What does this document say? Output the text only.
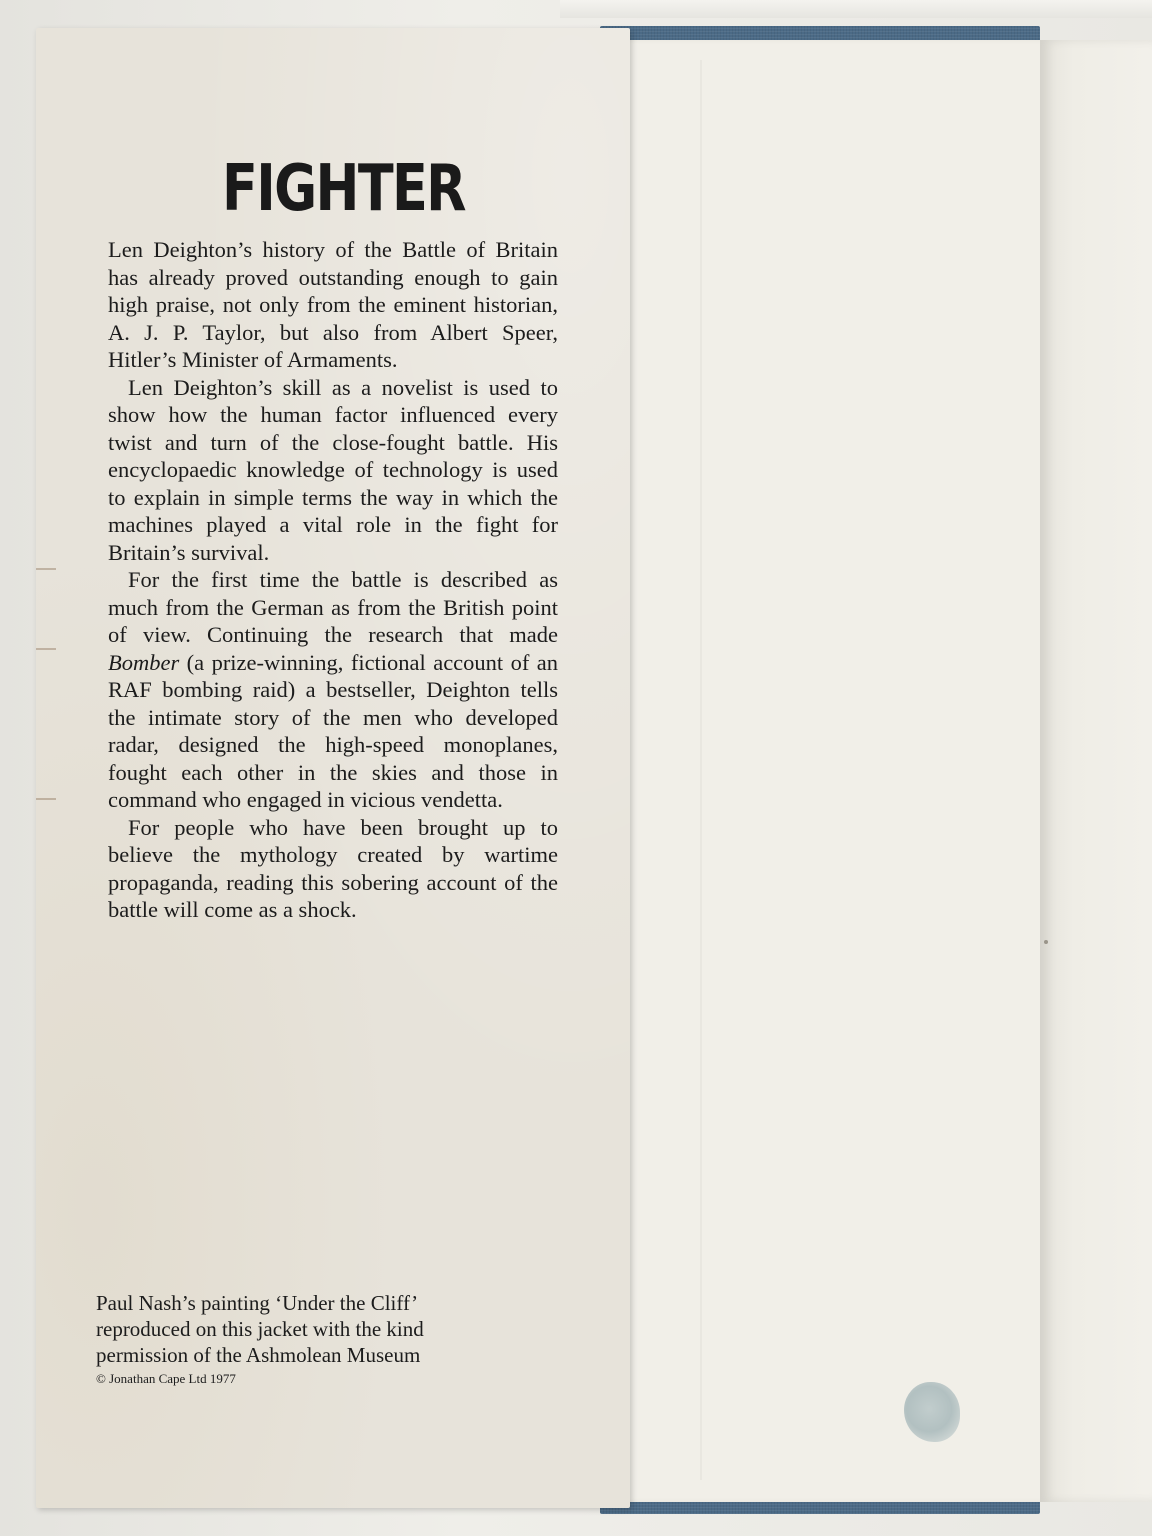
FIGHTER

Len Deighton’s history of the Battle of Britain has already proved outstanding enough to gain high praise, not only from the eminent historian, A. J. P. Taylor, but also from Albert Speer, Hitler’s Minister of Armaments.

Len Deighton’s skill as a novelist is used to show how the human factor influenced every twist and turn of the close-fought battle. His encyclopaedic knowledge of technology is used to explain in simple terms the way in which the machines played a vital role in the fight for Britain’s survival.

For the first time the battle is described as much from the German as from the British point of view. Continuing the research that made Bomber (a prize-winning, fictional account of an RAF bombing raid) a bestseller, Deighton tells the intimate story of the men who developed radar, designed the high-speed monoplanes, fought each other in the skies and those in command who engaged in vicious vendetta.

For people who have been brought up to believe the mythology created by wartime propaganda, reading this sobering account of the battle will come as a shock.

Paul Nash’s painting ‘Under the Cliff’
reproduced on this jacket with the kind
permission of the Ashmolean Museum
© Jonathan Cape Ltd 1977
